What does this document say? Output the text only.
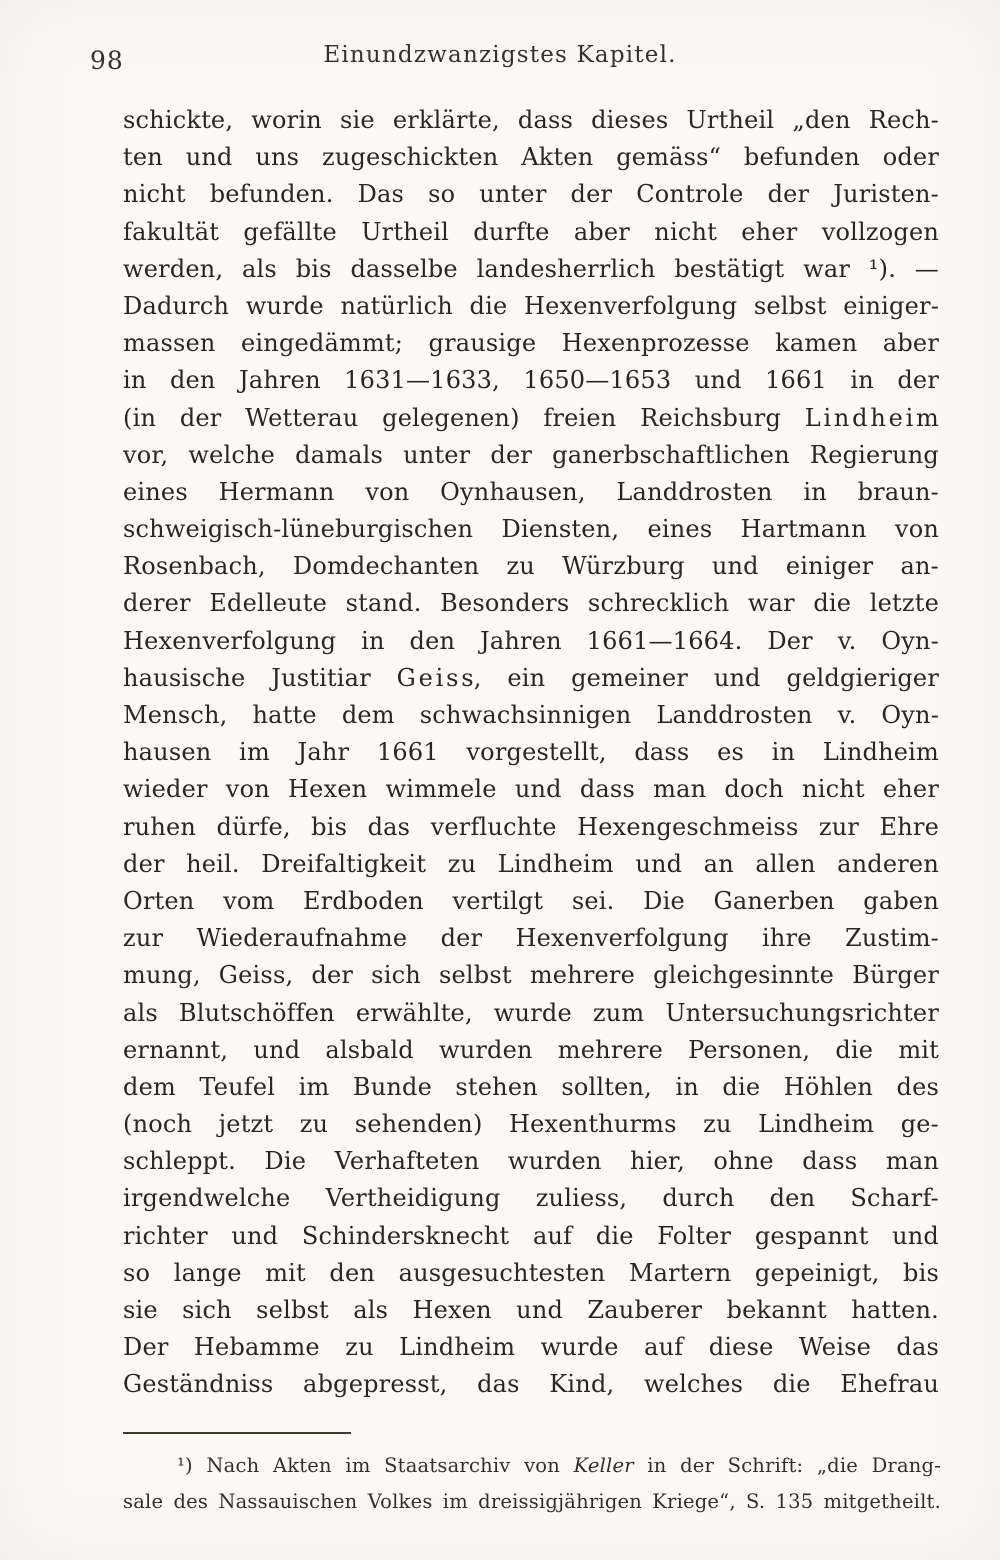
98	Einundzwanzigstes Kapitel.
schickte, worin sie erklärte, dass dieses Urtheil „den Rech-
ten und uns zugeschickten Akten gemäss“ befunden oder
nicht befunden. Das so unter der Controle der Juristen-
fakultät gefällte Urtheil durfte aber nicht eher vollzogen
werden, als bis dasselbe landesherrlich bestätigt war ¹). —
Dadurch wurde natürlich die Hexenverfolgung selbst einiger-
massen eingedämmt; grausige Hexenprozesse kamen aber
in den Jahren 1631—1633, 1650—1653 und 1661 in der
(in der Wetterau gelegenen) freien Reichsburg L i n d h e i m
vor, welche damals unter der ganerbschaftlichen Regierung
eines Hermann von Oynhausen, Landdrosten in braun-
schweigisch-lüneburgischen Diensten, eines Hartmann von
Rosenbach, Domdechanten zu Würzburg und einiger an-
derer Edelleute stand. Besonders schrecklich war die letzte
Hexenverfolgung in den Jahren 1661—1664. Der v. Oyn-
hausische Justitiar G e i s s, ein gemeiner und geldgieriger
Mensch, hatte dem schwachsinnigen Landdrosten v. Oyn-
hausen im Jahr 1661 vorgestellt, dass es in Lindheim
wieder von Hexen wimmele und dass man doch nicht eher
ruhen dürfe, bis das verfluchte Hexengeschmeiss zur Ehre
der heil. Dreifaltigkeit zu Lindheim und an allen anderen
Orten vom Erdboden vertilgt sei. Die Ganerben gaben
zur Wiederaufnahme der Hexenverfolgung ihre Zustim-
mung, Geiss, der sich selbst mehrere gleichgesinnte Bürger
als Blutschöffen erwählte, wurde zum Untersuchungsrichter
ernannt, und alsbald wurden mehrere Personen, die mit
dem Teufel im Bunde stehen sollten, in die Höhlen des
(noch jetzt zu sehenden) Hexenthurms zu Lindheim ge-
schleppt. Die Verhafteten wurden hier, ohne dass man
irgendwelche Vertheidigung zuliess, durch den Scharf-
richter und Schindersknecht auf die Folter gespannt und
so lange mit den ausgesuchtesten Martern gepeinigt, bis
sie sich selbst als Hexen und Zauberer bekannt hatten.
Der Hebamme zu Lindheim wurde auf diese Weise das
Geständniss abgepresst, das Kind, welches die Ehefrau
¹) Nach Akten im Staatsarchiv von Keller in der Schrift: „die Drang-
sale des Nassauischen Volkes im dreissigjährigen Kriege“, S. 135 mitgetheilt.
